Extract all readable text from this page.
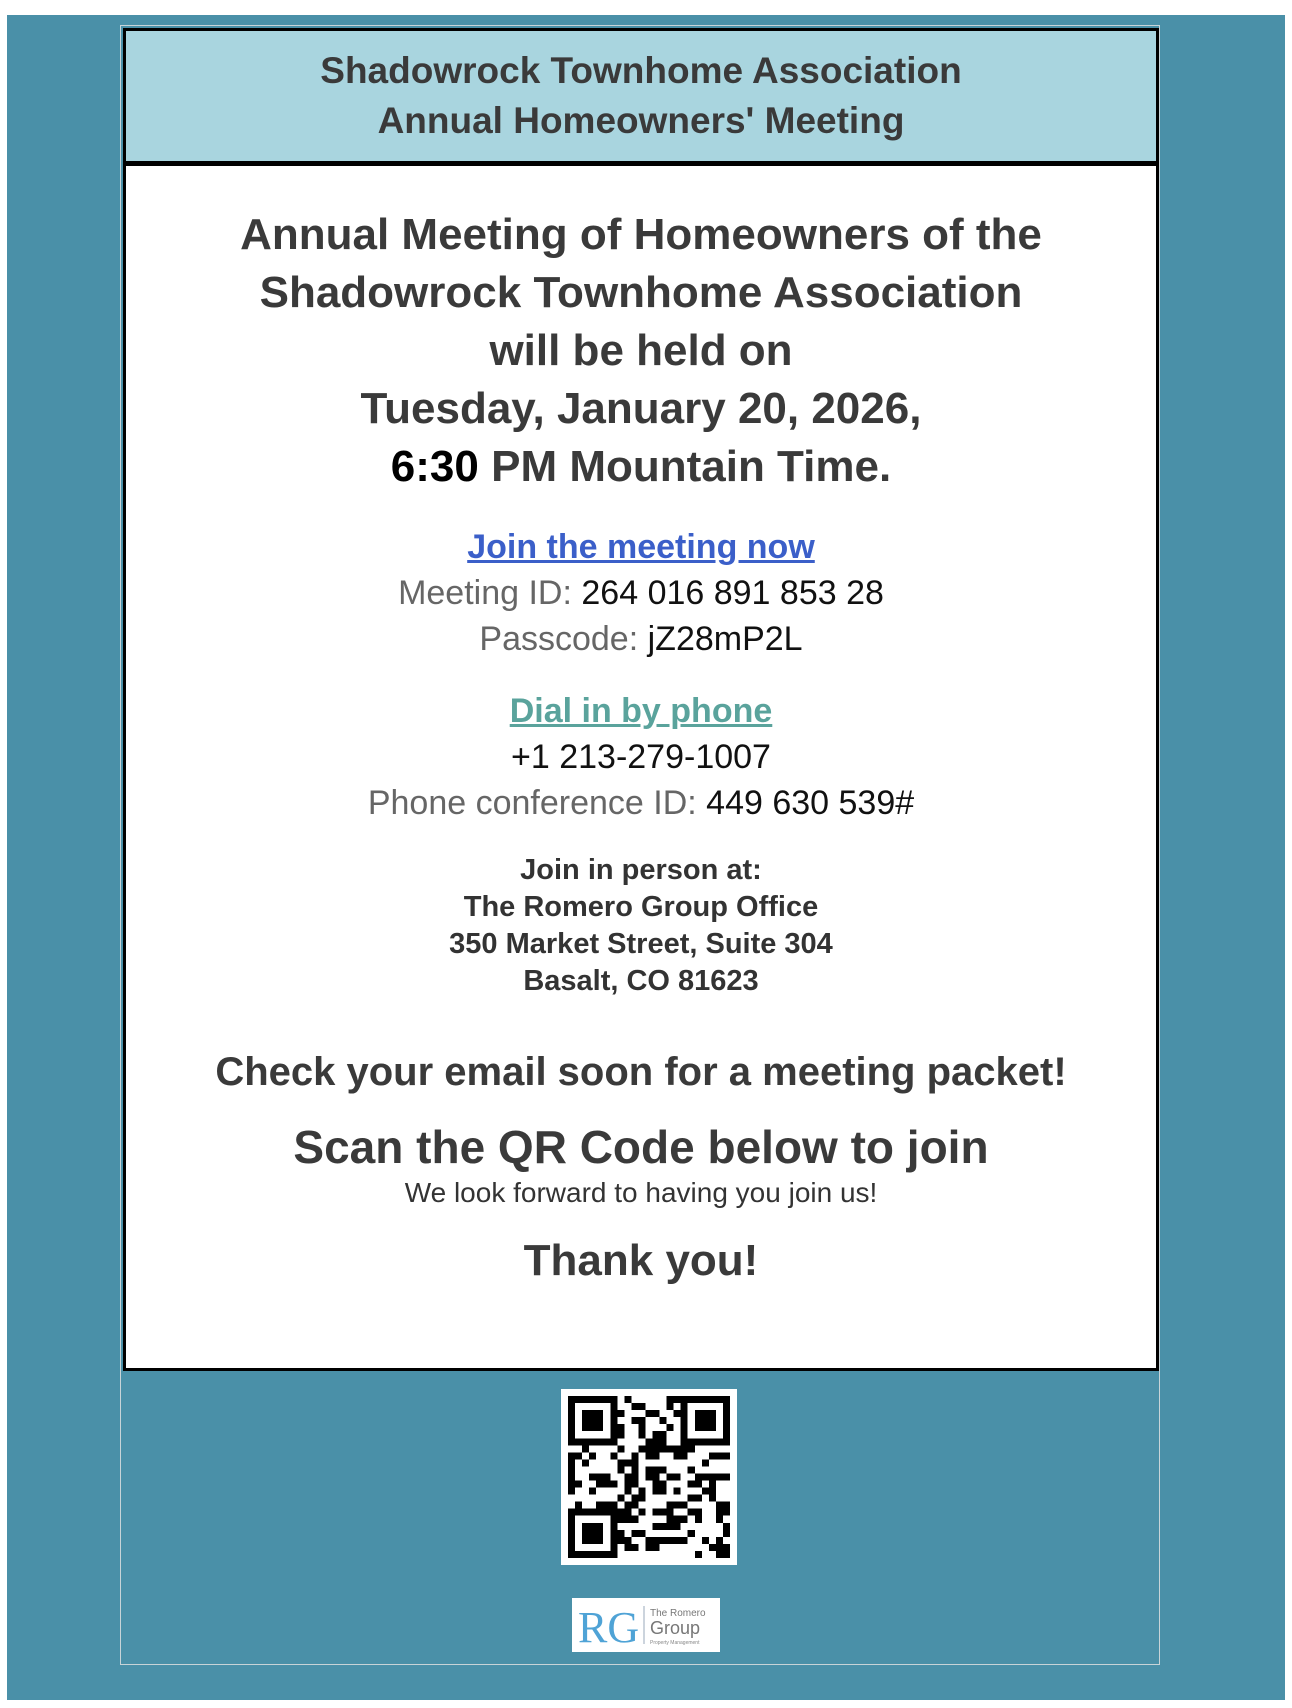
Shadowrock Townhome Association
Annual Homeowners' Meeting
Annual Meeting of Homeowners of the
Shadowrock Townhome Association
will be held on
Tuesday, January 20, 2026,
6:30 PM Mountain Time.
Join the meeting now
Meeting ID: 264 016 891 853 28
Passcode: jZ28mP2L
Dial in by phone
+1 213-279-1007
Phone conference ID: 449 630 539#
Join in person at:
The Romero Group Office
350 Market Street, Suite 304
Basalt, CO 81623
Check your email soon for a meeting packet!
Scan the QR Code below to join
We look forward to having you join us!
Thank you!
RG The Romero
Group
Property Management
